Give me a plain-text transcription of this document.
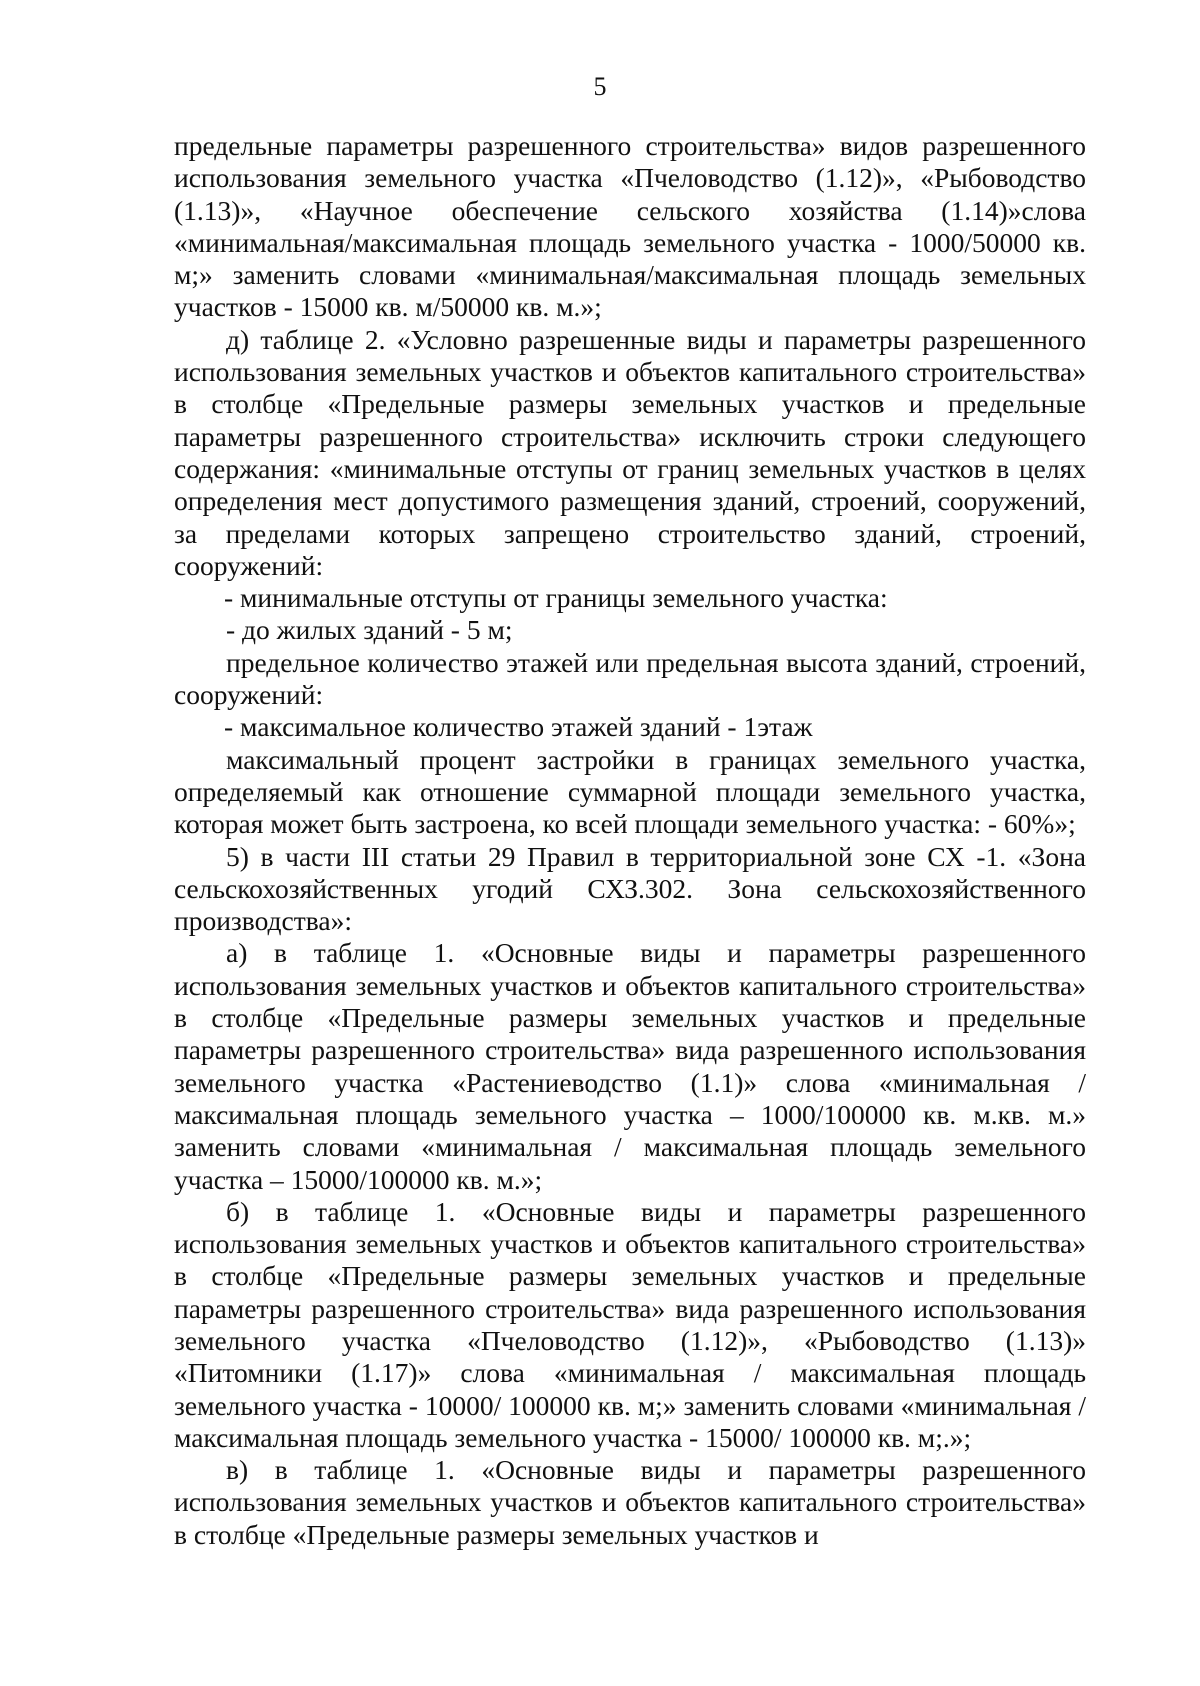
5

предельные параметры разрешенного строительства» видов разрешенного использования земельного участка «Пчеловодство (1.12)», «Рыбоводство (1.13)», «Научное обеспечение сельского хозяйства (1.14)»слова «минимальная/максимальная площадь земельного участка - 1000/50000 кв. м;» заменить словами «минимальная/максимальная площадь земельных участков - 15000 кв. м/50000 кв. м.»;

д) таблице 2. «Условно разрешенные виды и параметры разрешенного использования земельных участков и объектов капитального строительства» в столбце «Предельные размеры земельных участков и предельные параметры разрешенного строительства» исключить строки следующего содержания: «минимальные отступы от границ земельных участков в целях определения мест допустимого размещения зданий, строений, сооружений, за пределами которых запрещено строительство зданий, строений, сооружений:

- минимальные отступы от границы земельного участка:

- до жилых зданий - 5 м;

предельное количество этажей или предельная высота зданий, строений, сооружений:

- максимальное количество этажей зданий - 1этаж

максимальный процент застройки в границах земельного участка, определяемый как отношение суммарной площади земельного участка, которая может быть застроена, ко всей площади земельного участка: - 60%»;

5) в части III статьи 29 Правил в территориальной зоне СХ -1. «Зона сельскохозяйственных угодий СХЗ.302. Зона сельскохозяйственного производства»:

а) в таблице 1. «Основные виды и параметры разрешенного использования земельных участков и объектов капитального строительства» в столбце «Предельные размеры земельных участков и предельные параметры разрешенного строительства» вида разрешенного использования земельного участка «Растениеводство (1.1)» слова «минимальная / максимальная площадь земельного участка – 1000/100000 кв. м.кв. м.» заменить словами «минимальная / максимальная площадь земельного участка – 15000/100000 кв. м.»;

б) в таблице 1. «Основные виды и параметры разрешенного использования земельных участков и объектов капитального строительства» в столбце «Предельные размеры земельных участков и предельные параметры разрешенного строительства» вида разрешенного использования земельного участка «Пчеловодство (1.12)», «Рыбоводство (1.13)» «Питомники (1.17)» слова «минимальная / максимальная площадь земельного участка - 10000/ 100000 кв. м;» заменить словами «минимальная / максимальная площадь земельного участка - 15000/ 100000 кв. м;.»;

в) в таблице 1. «Основные виды и параметры разрешенного использования земельных участков и объектов капитального строительства» в столбце «Предельные размеры земельных участков и
